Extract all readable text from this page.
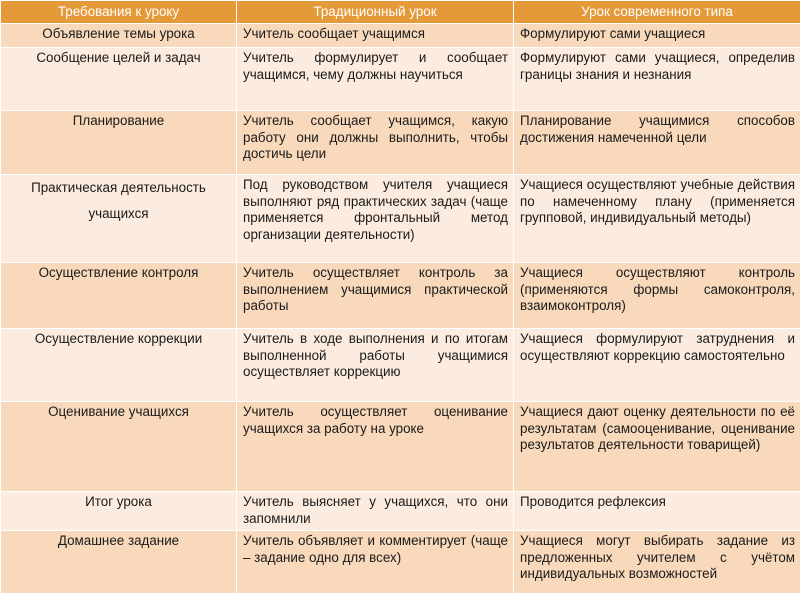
Требования к уроку	Традиционный урок	Урок современного типа
Объявление темы урока	Учитель сообщает учащимся	Формулируют сами учащиеся
Сообщение целей и задач	Учитель формулирует и сообщает учащимся, чему должны научиться	Формулируют сами учащиеся, определив границы знания и незнания
Планирование	Учитель сообщает учащимся, какую работу они должны выполнить, чтобы достичь цели	Планирование учащимися способов достижения намеченной цели
Практическая деятельность учащихся	Под руководством учителя учащиеся выполняют ряд практических задач (чаще применяется фронтальный метод организации деятельности)	Учащиеся осуществляют учебные действия по намеченному плану (применяется групповой, индивидуальный методы)
Осуществление контроля	Учитель осуществляет контроль за выполнением учащимися практической работы	Учащиеся осуществляют контроль (применяются формы самоконтроля, взаимоконтроля)
Осуществление коррекции	Учитель в ходе выполнения и по итогам выполненной работы учащимися осуществляет коррекцию	Учащиеся формулируют затруднения и осуществляют коррекцию самостоятельно
Оценивание учащихся	Учитель осуществляет оценивание учащихся за работу на уроке	Учащиеся дают оценку деятельности по её результатам (самооценивание, оценивание результатов деятельности товарищей)
Итог урока	Учитель выясняет у учащихся, что они запомнили	Проводится рефлексия
Домашнее задание	Учитель объявляет и комментирует (чаще – задание одно для всех)	Учащиеся могут выбирать задание из предложенных учителем с учётом индивидуальных возможностей
